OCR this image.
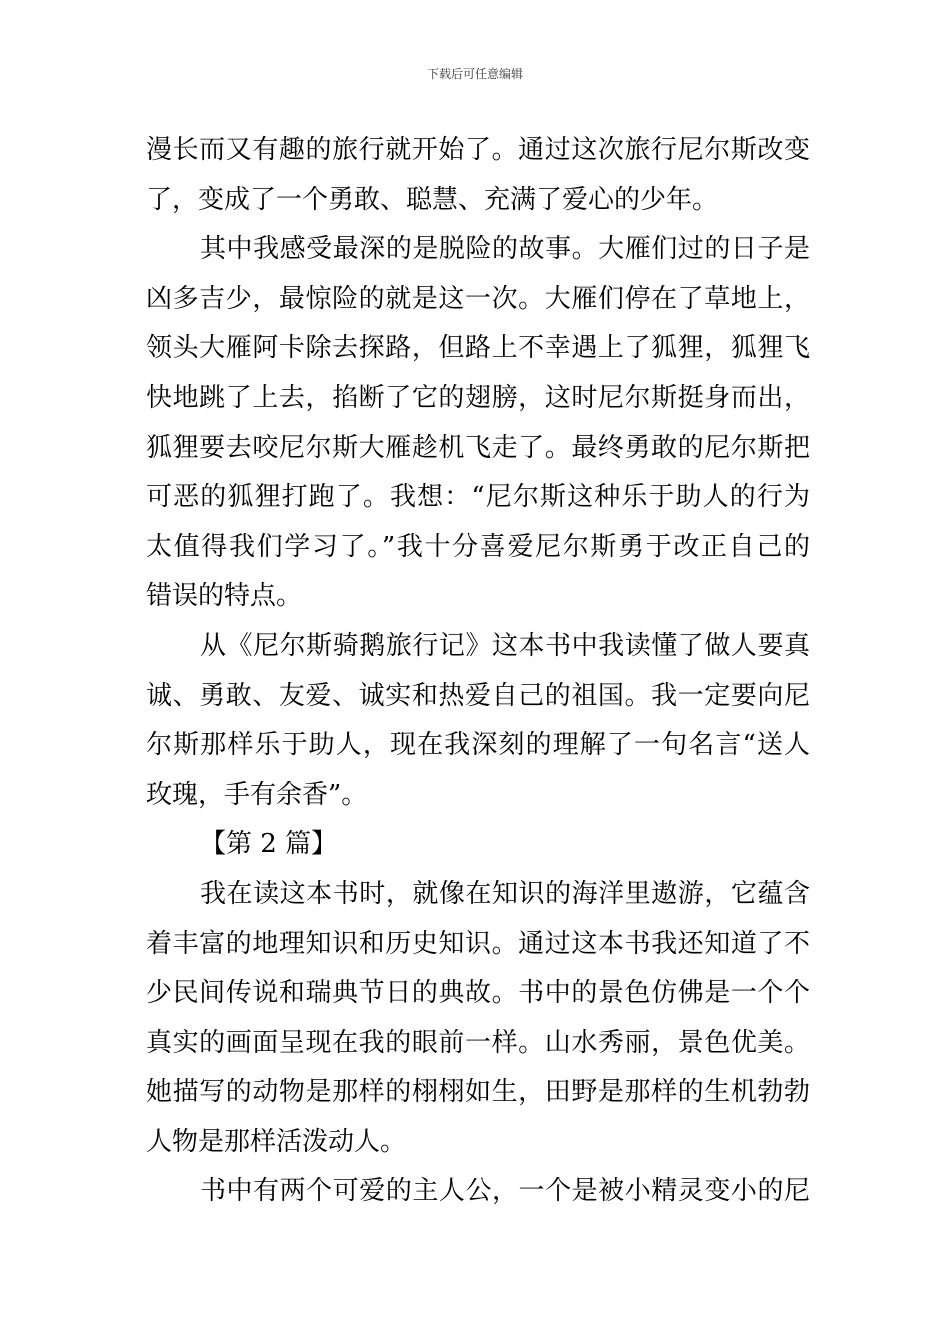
下载后可任意编辑
漫长而又有趣的旅行就开始了。通过这次旅行尼尔斯改变
了，变成了一个勇敢、聪慧、充满了爱心的少年。
其中我感受最深的是脱险的故事。大雁们过的日子是
凶多吉少，最惊险的就是这一次。大雁们停在了草地上，
领头大雁阿卡除去探路，但路上不幸遇上了狐狸，狐狸飞
快地跳了上去，掐断了它的翅膀，这时尼尔斯挺身而出，
狐狸要去咬尼尔斯大雁趁机飞走了。最终勇敢的尼尔斯把
可恶的狐狸打跑了。我想：“尼尔斯这种乐于助人的行为
太值得我们学习了。”我十分喜爱尼尔斯勇于改正自己的
错误的特点。
从《尼尔斯骑鹅旅行记》这本书中我读懂了做人要真
诚、勇敢、友爱、诚实和热爱自己的祖国。我一定要向尼
尔斯那样乐于助人，现在我深刻的理解了一句名言“送人
玫瑰，手有余香”。
【第 2 篇】
我在读这本书时，就像在知识的海洋里遨游，它蕴含
着丰富的地理知识和历史知识。通过这本书我还知道了不
少民间传说和瑞典节日的典故。书中的景色仿佛是一个个
真实的画面呈现在我的眼前一样。山水秀丽，景色优美。
她描写的动物是那样的栩栩如生，田野是那样的生机勃勃
人物是那样活泼动人。
书中有两个可爱的主人公，一个是被小精灵变小的尼
